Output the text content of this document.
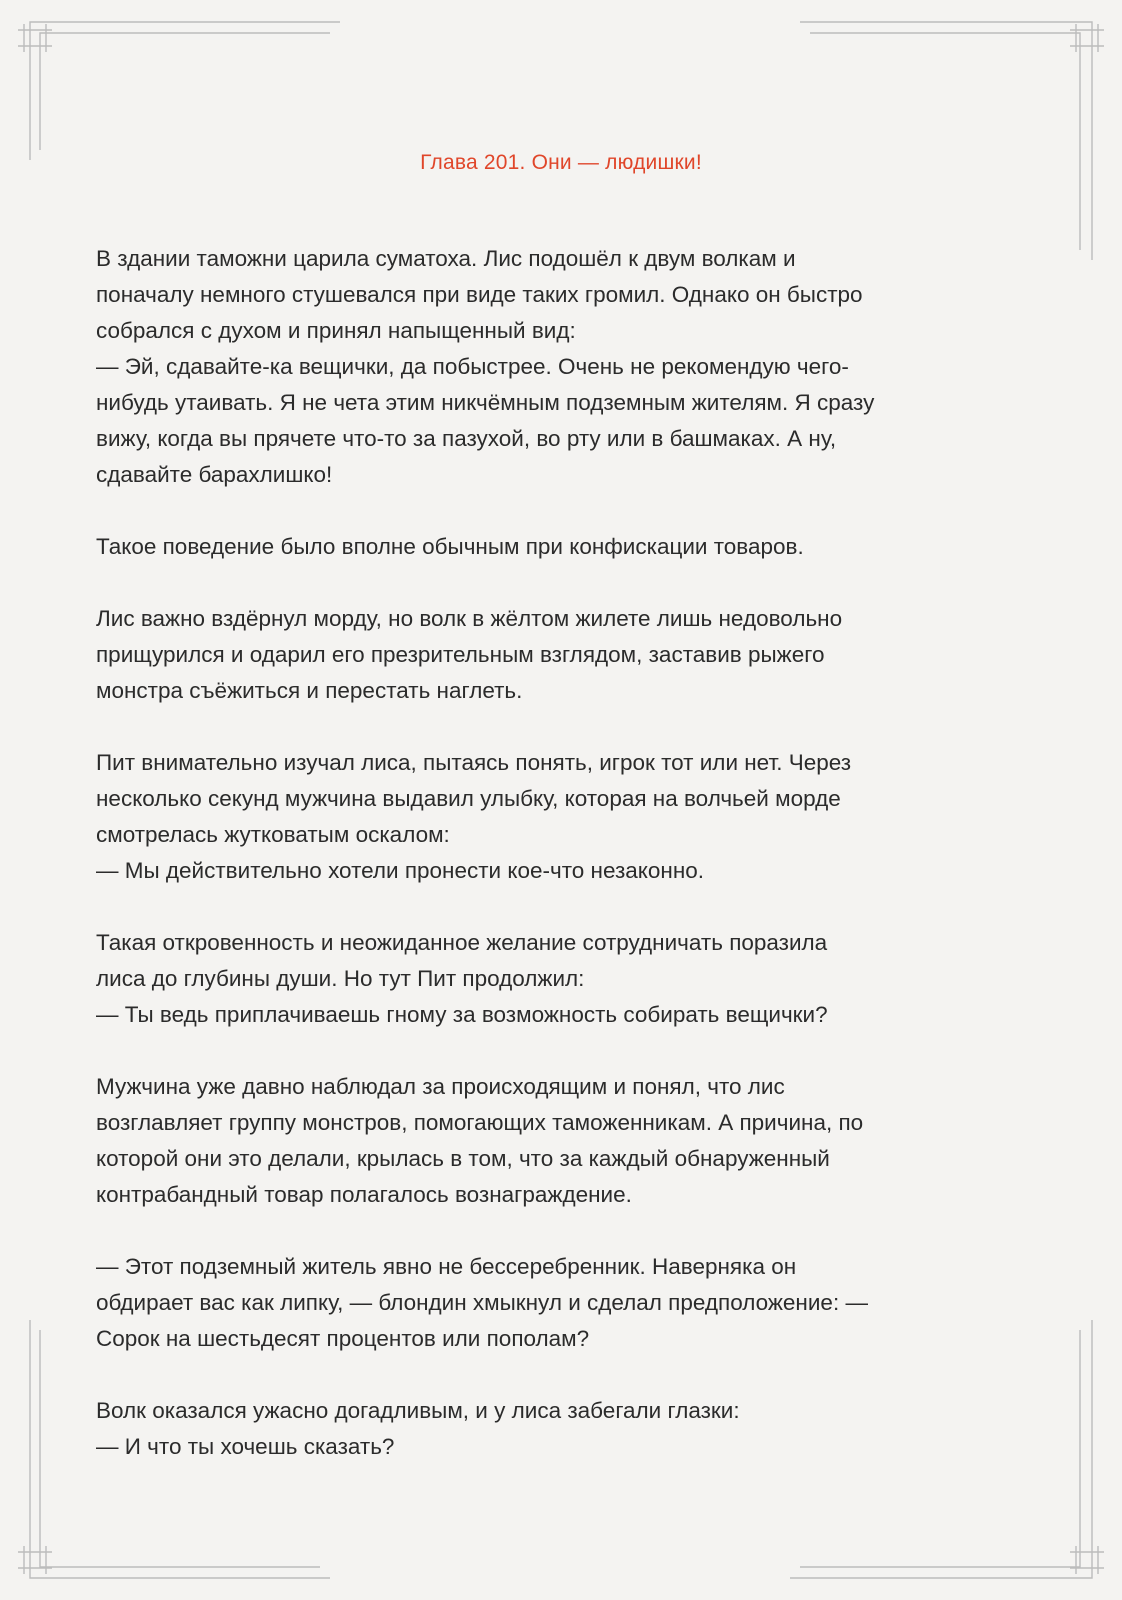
Глава 201. Они — людишки!

В здании таможни царила суматоха. Лис подошёл к двум волкам и
поначалу немного стушевался при виде таких громил. Однако он быстро
собрался с духом и принял напыщенный вид:
— Эй, сдавайте-ка вещички, да побыстрее. Очень не рекомендую чего-
нибудь утаивать. Я не чета этим никчёмным подземным жителям. Я сразу
вижу, когда вы прячете что-то за пазухой, во рту или в башмаках. А ну,
сдавайте барахлишко!

Такое поведение было вполне обычным при конфискации товаров.

Лис важно вздёрнул морду, но волк в жёлтом жилете лишь недовольно
прищурился и одарил его презрительным взглядом, заставив рыжего
монстра съёжиться и перестать наглеть.

Пит внимательно изучал лиса, пытаясь понять, игрок тот или нет. Через
несколько секунд мужчина выдавил улыбку, которая на волчьей морде
смотрелась жутковатым оскалом:
— Мы действительно хотели пронести кое-что незаконно.

Такая откровенность и неожиданное желание сотрудничать поразила
лиса до глубины души. Но тут Пит продолжил:
— Ты ведь приплачиваешь гному за возможность собирать вещички?

Мужчина уже давно наблюдал за происходящим и понял, что лис
возглавляет группу монстров, помогающих таможенникам. А причина, по
которой они это делали, крылась в том, что за каждый обнаруженный
контрабандный товар полагалось вознаграждение.

— Этот подземный житель явно не бессеребренник. Наверняка он
обдирает вас как липку, — блондин хмыкнул и сделал предположение: —
Сорок на шестьдесят процентов или пополам?

Волк оказался ужасно догадливым, и у лиса забегали глазки:
— И что ты хочешь сказать?
